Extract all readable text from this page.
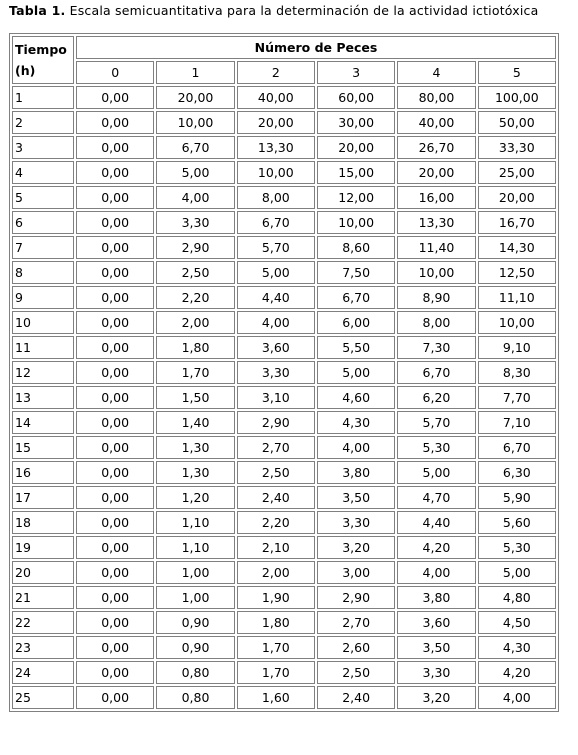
Tabla 1. Escala semicuantitativa para la determinación de la actividad ictiotóxica
Tiempo (h)	Número de Peces					
	0	1	2	3	4	5
1	0,00	20,00	40,00	60,00	80,00	100,00
2	0,00	10,00	20,00	30,00	40,00	50,00
3	0,00	6,70	13,30	20,00	26,70	33,30
4	0,00	5,00	10,00	15,00	20,00	25,00
5	0,00	4,00	8,00	12,00	16,00	20,00
6	0,00	3,30	6,70	10,00	13,30	16,70
7	0,00	2,90	5,70	8,60	11,40	14,30
8	0,00	2,50	5,00	7,50	10,00	12,50
9	0,00	2,20	4,40	6,70	8,90	11,10
10	0,00	2,00	4,00	6,00	8,00	10,00
11	0,00	1,80	3,60	5,50	7,30	9,10
12	0,00	1,70	3,30	5,00	6,70	8,30
13	0,00	1,50	3,10	4,60	6,20	7,70
14	0,00	1,40	2,90	4,30	5,70	7,10
15	0,00	1,30	2,70	4,00	5,30	6,70
16	0,00	1,30	2,50	3,80	5,00	6,30
17	0,00	1,20	2,40	3,50	4,70	5,90
18	0,00	1,10	2,20	3,30	4,40	5,60
19	0,00	1,10	2,10	3,20	4,20	5,30
20	0,00	1,00	2,00	3,00	4,00	5,00
21	0,00	1,00	1,90	2,90	3,80	4,80
22	0,00	0,90	1,80	2,70	3,60	4,50
23	0,00	0,90	1,70	2,60	3,50	4,30
24	0,00	0,80	1,70	2,50	3,30	4,20
25	0,00	0,80	1,60	2,40	3,20	4,00
